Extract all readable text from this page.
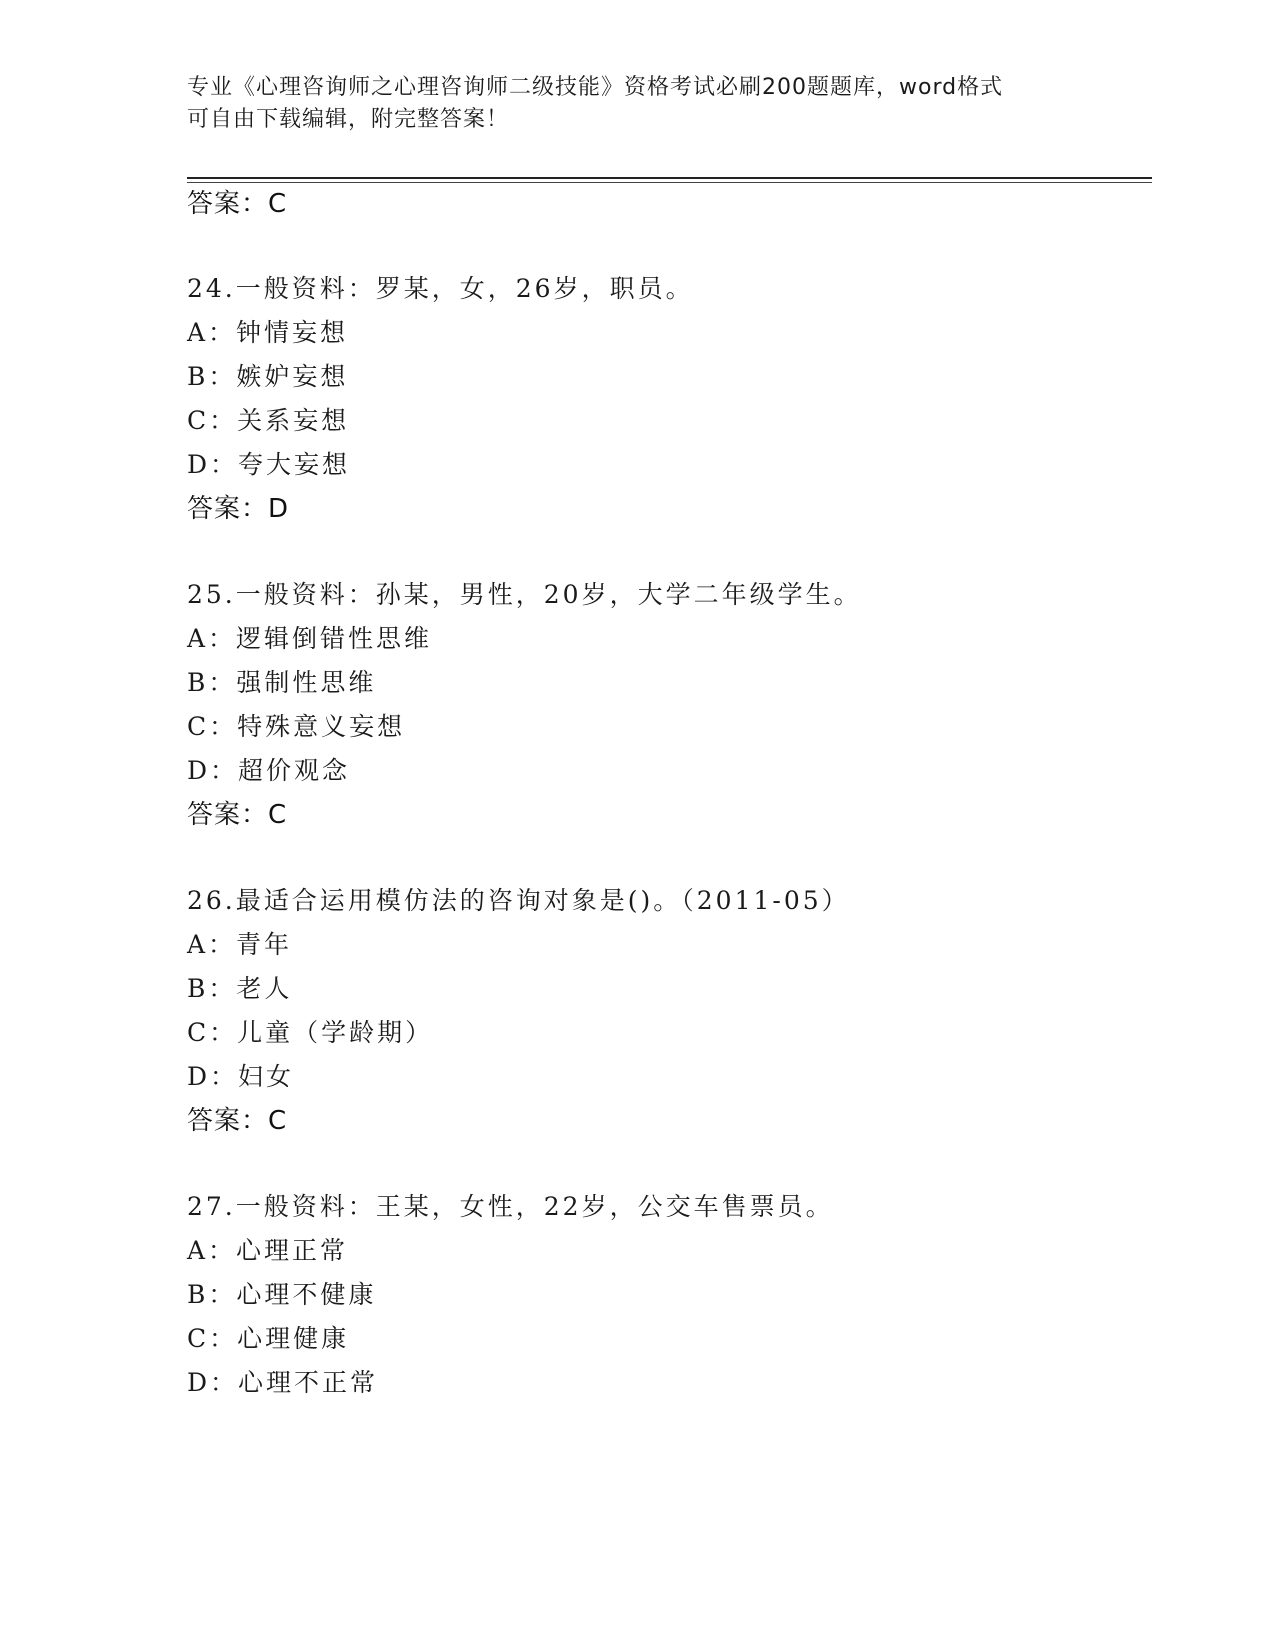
专业《心理咨询师之心理咨询师二级技能》资格考试必刷200题题库，word格式
可自由下载编辑，附完整答案！
答案：C
24.一般资料：罗某，女，26岁，职员。
A：钟情妄想
B：嫉妒妄想
C：关系妄想
D：夸大妄想
答案：D
25.一般资料：孙某，男性，20岁，大学二年级学生。
A：逻辑倒错性思维
B：强制性思维
C：特殊意义妄想
D：超价观念
答案：C
26.最适合运用模仿法的咨询对象是()。（2011-05）
A：青年
B：老人
C：儿童（学龄期）
D：妇女
答案：C
27.一般资料：王某，女性，22岁，公交车售票员。
A：心理正常
B：心理不健康
C：心理健康
D：心理不正常
